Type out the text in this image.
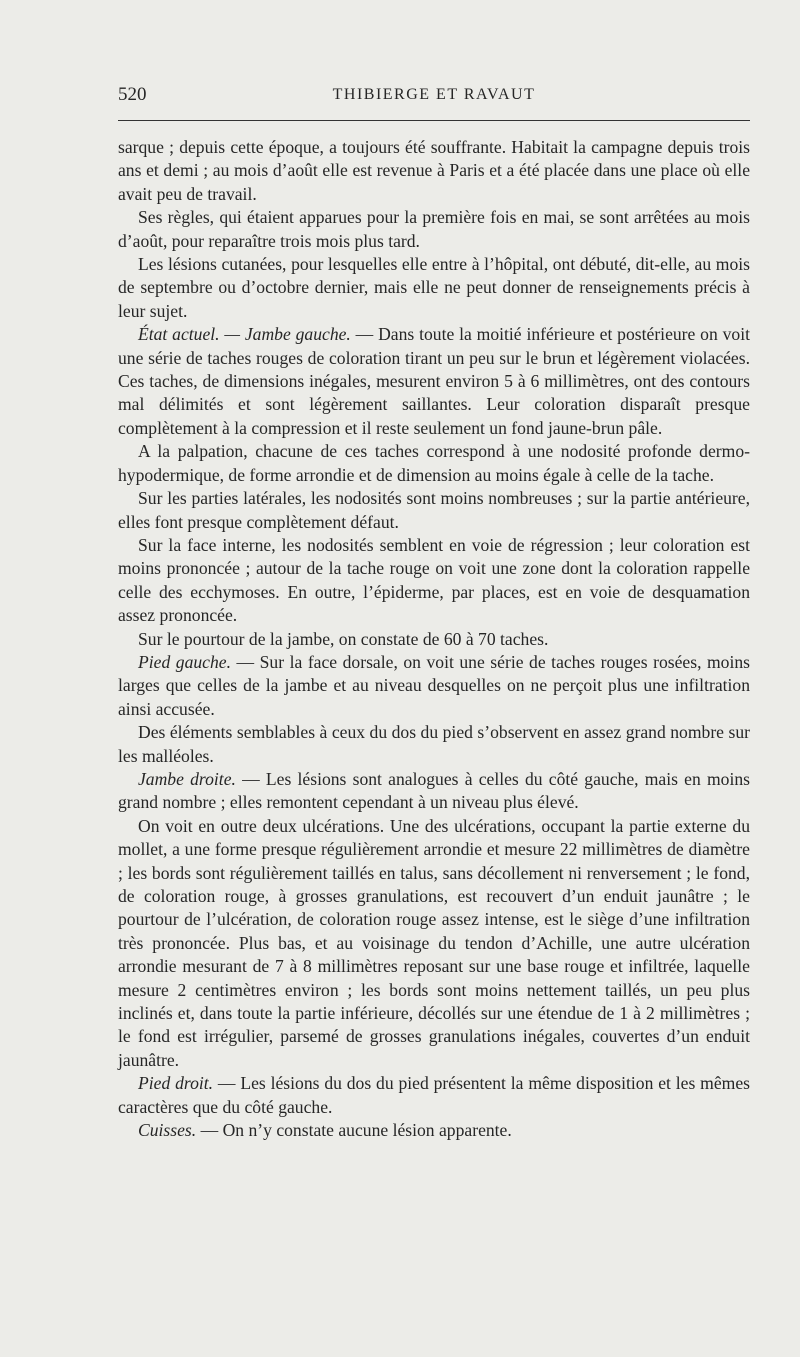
520	THIBIERGE ET RAVAUT

sarque ; depuis cette époque, a toujours été souffrante. Habitait la campagne depuis trois ans et demi ; au mois d’août elle est revenue à Paris et a été placée dans une place où elle avait peu de travail.

Ses règles, qui étaient apparues pour la première fois en mai, se sont arrêtées au mois d’août, pour reparaître trois mois plus tard.

Les lésions cutanées, pour lesquelles elle entre à l’hôpital, ont débuté, dit-elle, au mois de septembre ou d’octobre dernier, mais elle ne peut donner de renseignements précis à leur sujet.

État actuel. — Jambe gauche. — Dans toute la moitié inférieure et postérieure on voit une série de taches rouges de coloration tirant un peu sur le brun et légèrement violacées. Ces taches, de dimensions inégales, mesurent environ 5 à 6 millimètres, ont des contours mal délimités et sont légèrement saillantes. Leur coloration disparaît presque complètement à la compression et il reste seulement un fond jaune-brun pâle.

A la palpation, chacune de ces taches correspond à une nodosité profonde dermo-hypodermique, de forme arrondie et de dimension au moins égale à celle de la tache.

Sur les parties latérales, les nodosités sont moins nombreuses ; sur la partie antérieure, elles font presque complètement défaut.

Sur la face interne, les nodosités semblent en voie de régression ; leur coloration est moins prononcée ; autour de la tache rouge on voit une zone dont la coloration rappelle celle des ecchymoses. En outre, l’épiderme, par places, est en voie de desquamation assez prononcée.

Sur le pourtour de la jambe, on constate de 60 à 70 taches.

Pied gauche. — Sur la face dorsale, on voit une série de taches rouges rosées, moins larges que celles de la jambe et au niveau desquelles on ne perçoit plus une infiltration ainsi accusée.

Des éléments semblables à ceux du dos du pied s’observent en assez grand nombre sur les malléoles.

Jambe droite. — Les lésions sont analogues à celles du côté gauche, mais en moins grand nombre ; elles remontent cependant à un niveau plus élevé.

On voit en outre deux ulcérations. Une des ulcérations, occupant la partie externe du mollet, a une forme presque régulièrement arrondie et mesure 22 millimètres de diamètre ; les bords sont régulièrement taillés en talus, sans décollement ni renversement ; le fond, de coloration rouge, à grosses granulations, est recouvert d’un enduit jaunâtre ; le pourtour de l’ulcération, de coloration rouge assez intense, est le siège d’une infiltration très prononcée. Plus bas, et au voisinage du tendon d’Achille, une autre ulcération arrondie mesurant de 7 à 8 millimètres reposant sur une base rouge et infiltrée, laquelle mesure 2 centimètres environ ; les bords sont moins nettement taillés, un peu plus inclinés et, dans toute la partie inférieure, décollés sur une étendue de 1 à 2 millimètres ; le fond est irrégulier, parsemé de grosses granulations inégales, couvertes d’un enduit jaunâtre.

Pied droit. — Les lésions du dos du pied présentent la même disposition et les mêmes caractères que du côté gauche.

Cuisses. — On n’y constate aucune lésion apparente.
